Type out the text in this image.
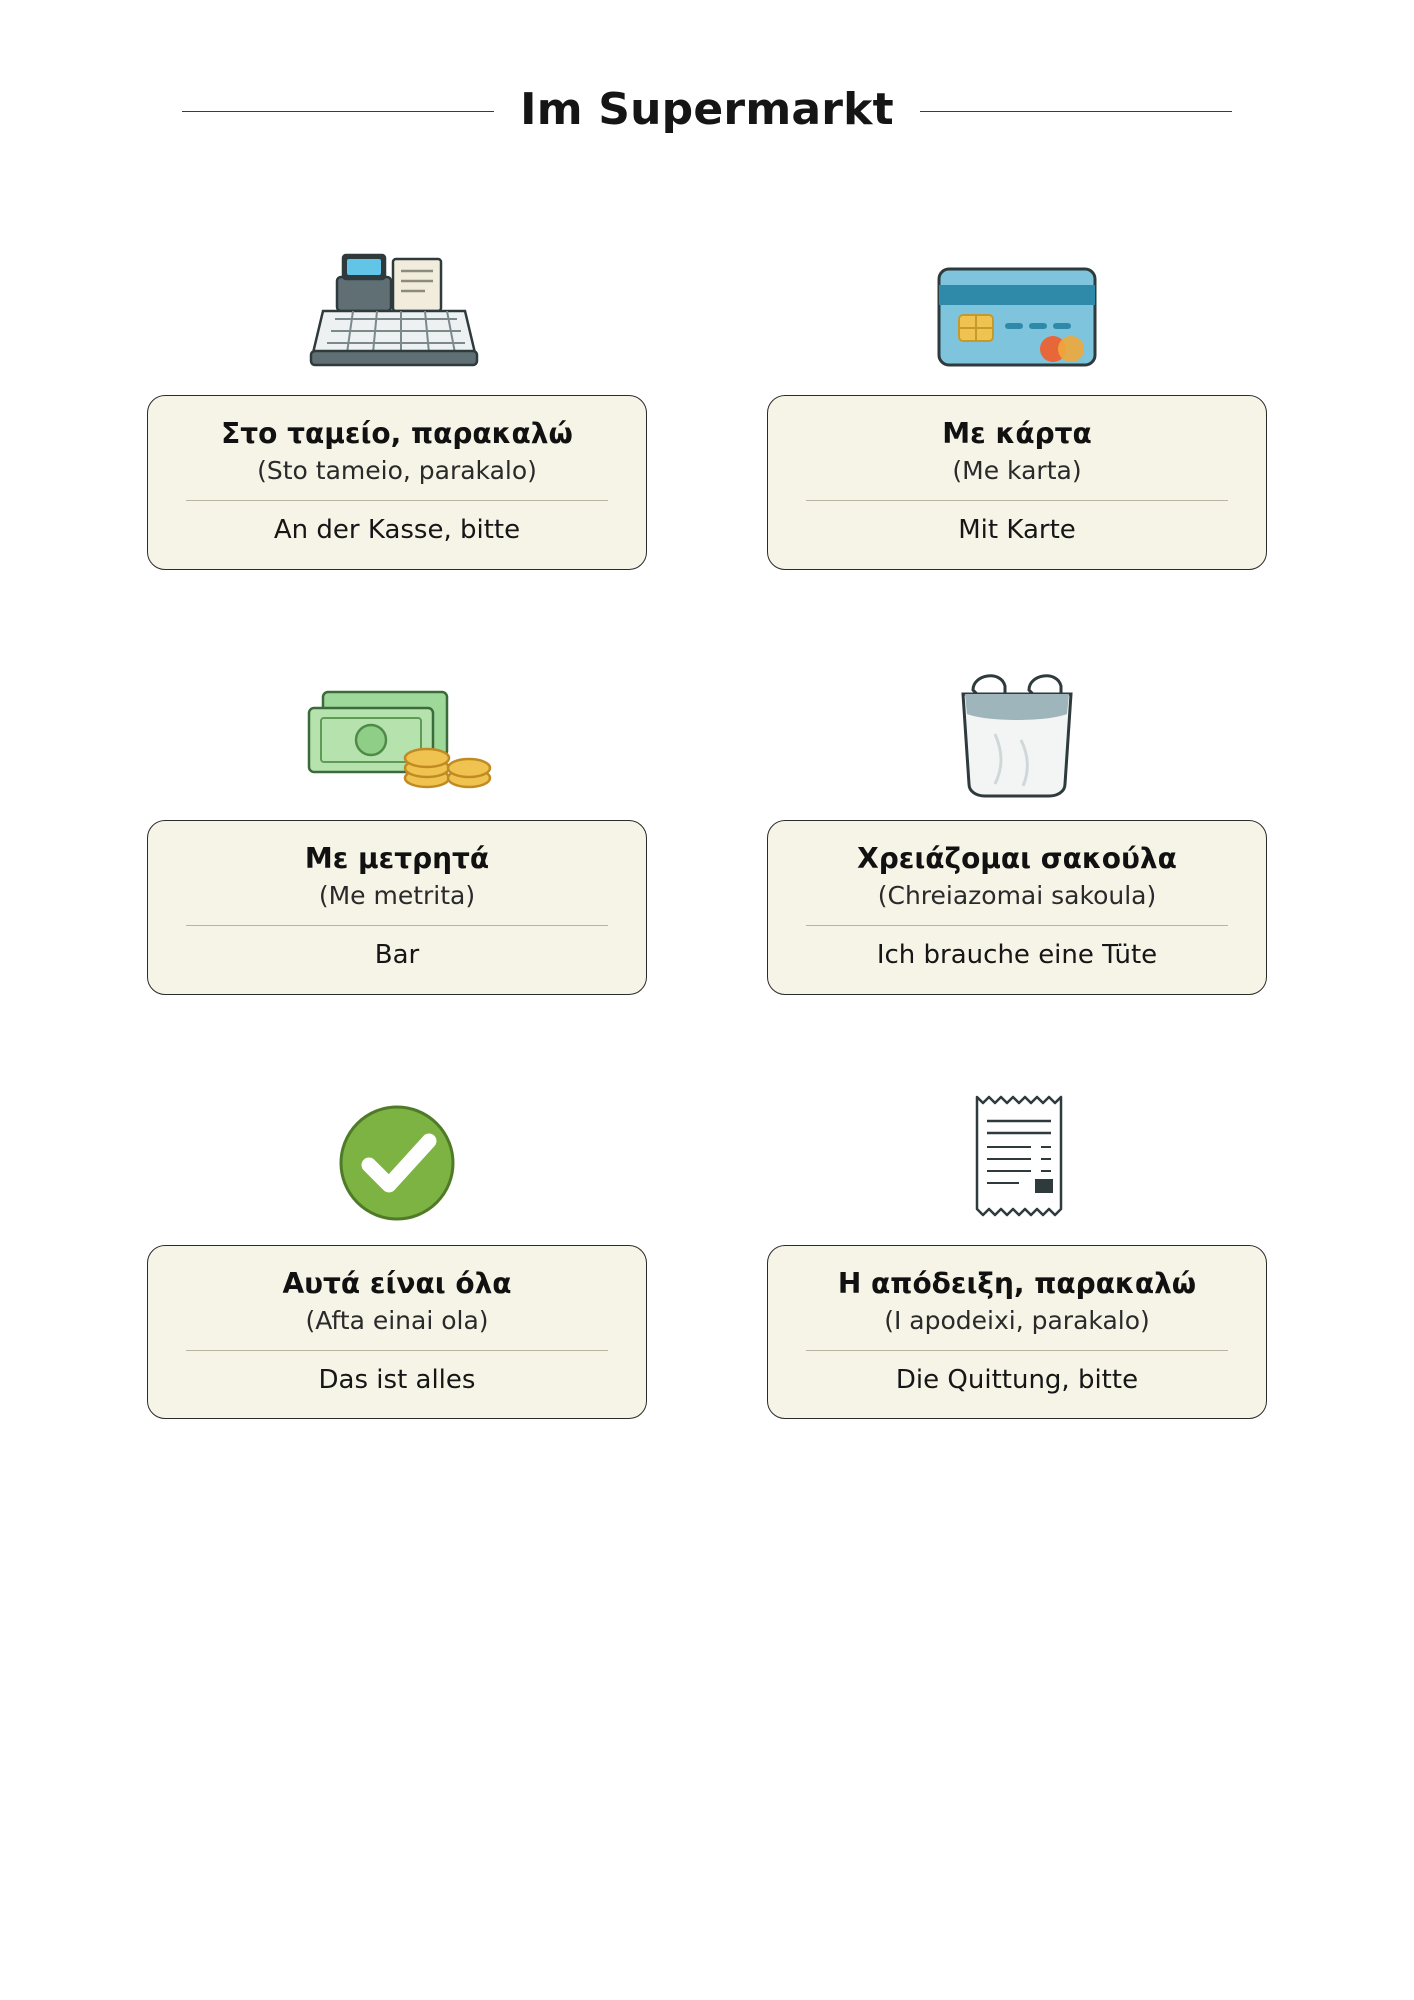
Im Supermarkt
Στο ταμείο, παρακαλώ
(Sto tameio, parakalo)
An der Kasse, bitte
Με κάρτα
(Me karta)
Mit Karte
Με μετρητά
(Me metrita)
Bar
Χρειάζομαι σακούλα
(Chreiazomai sakoula)
Ich brauche eine Tüte
Αυτά είναι όλα
(Afta einai ola)
Das ist alles
Η απόδειξη, παρακαλώ
(I apodeixi, parakalo)
Die Quittung, bitte
